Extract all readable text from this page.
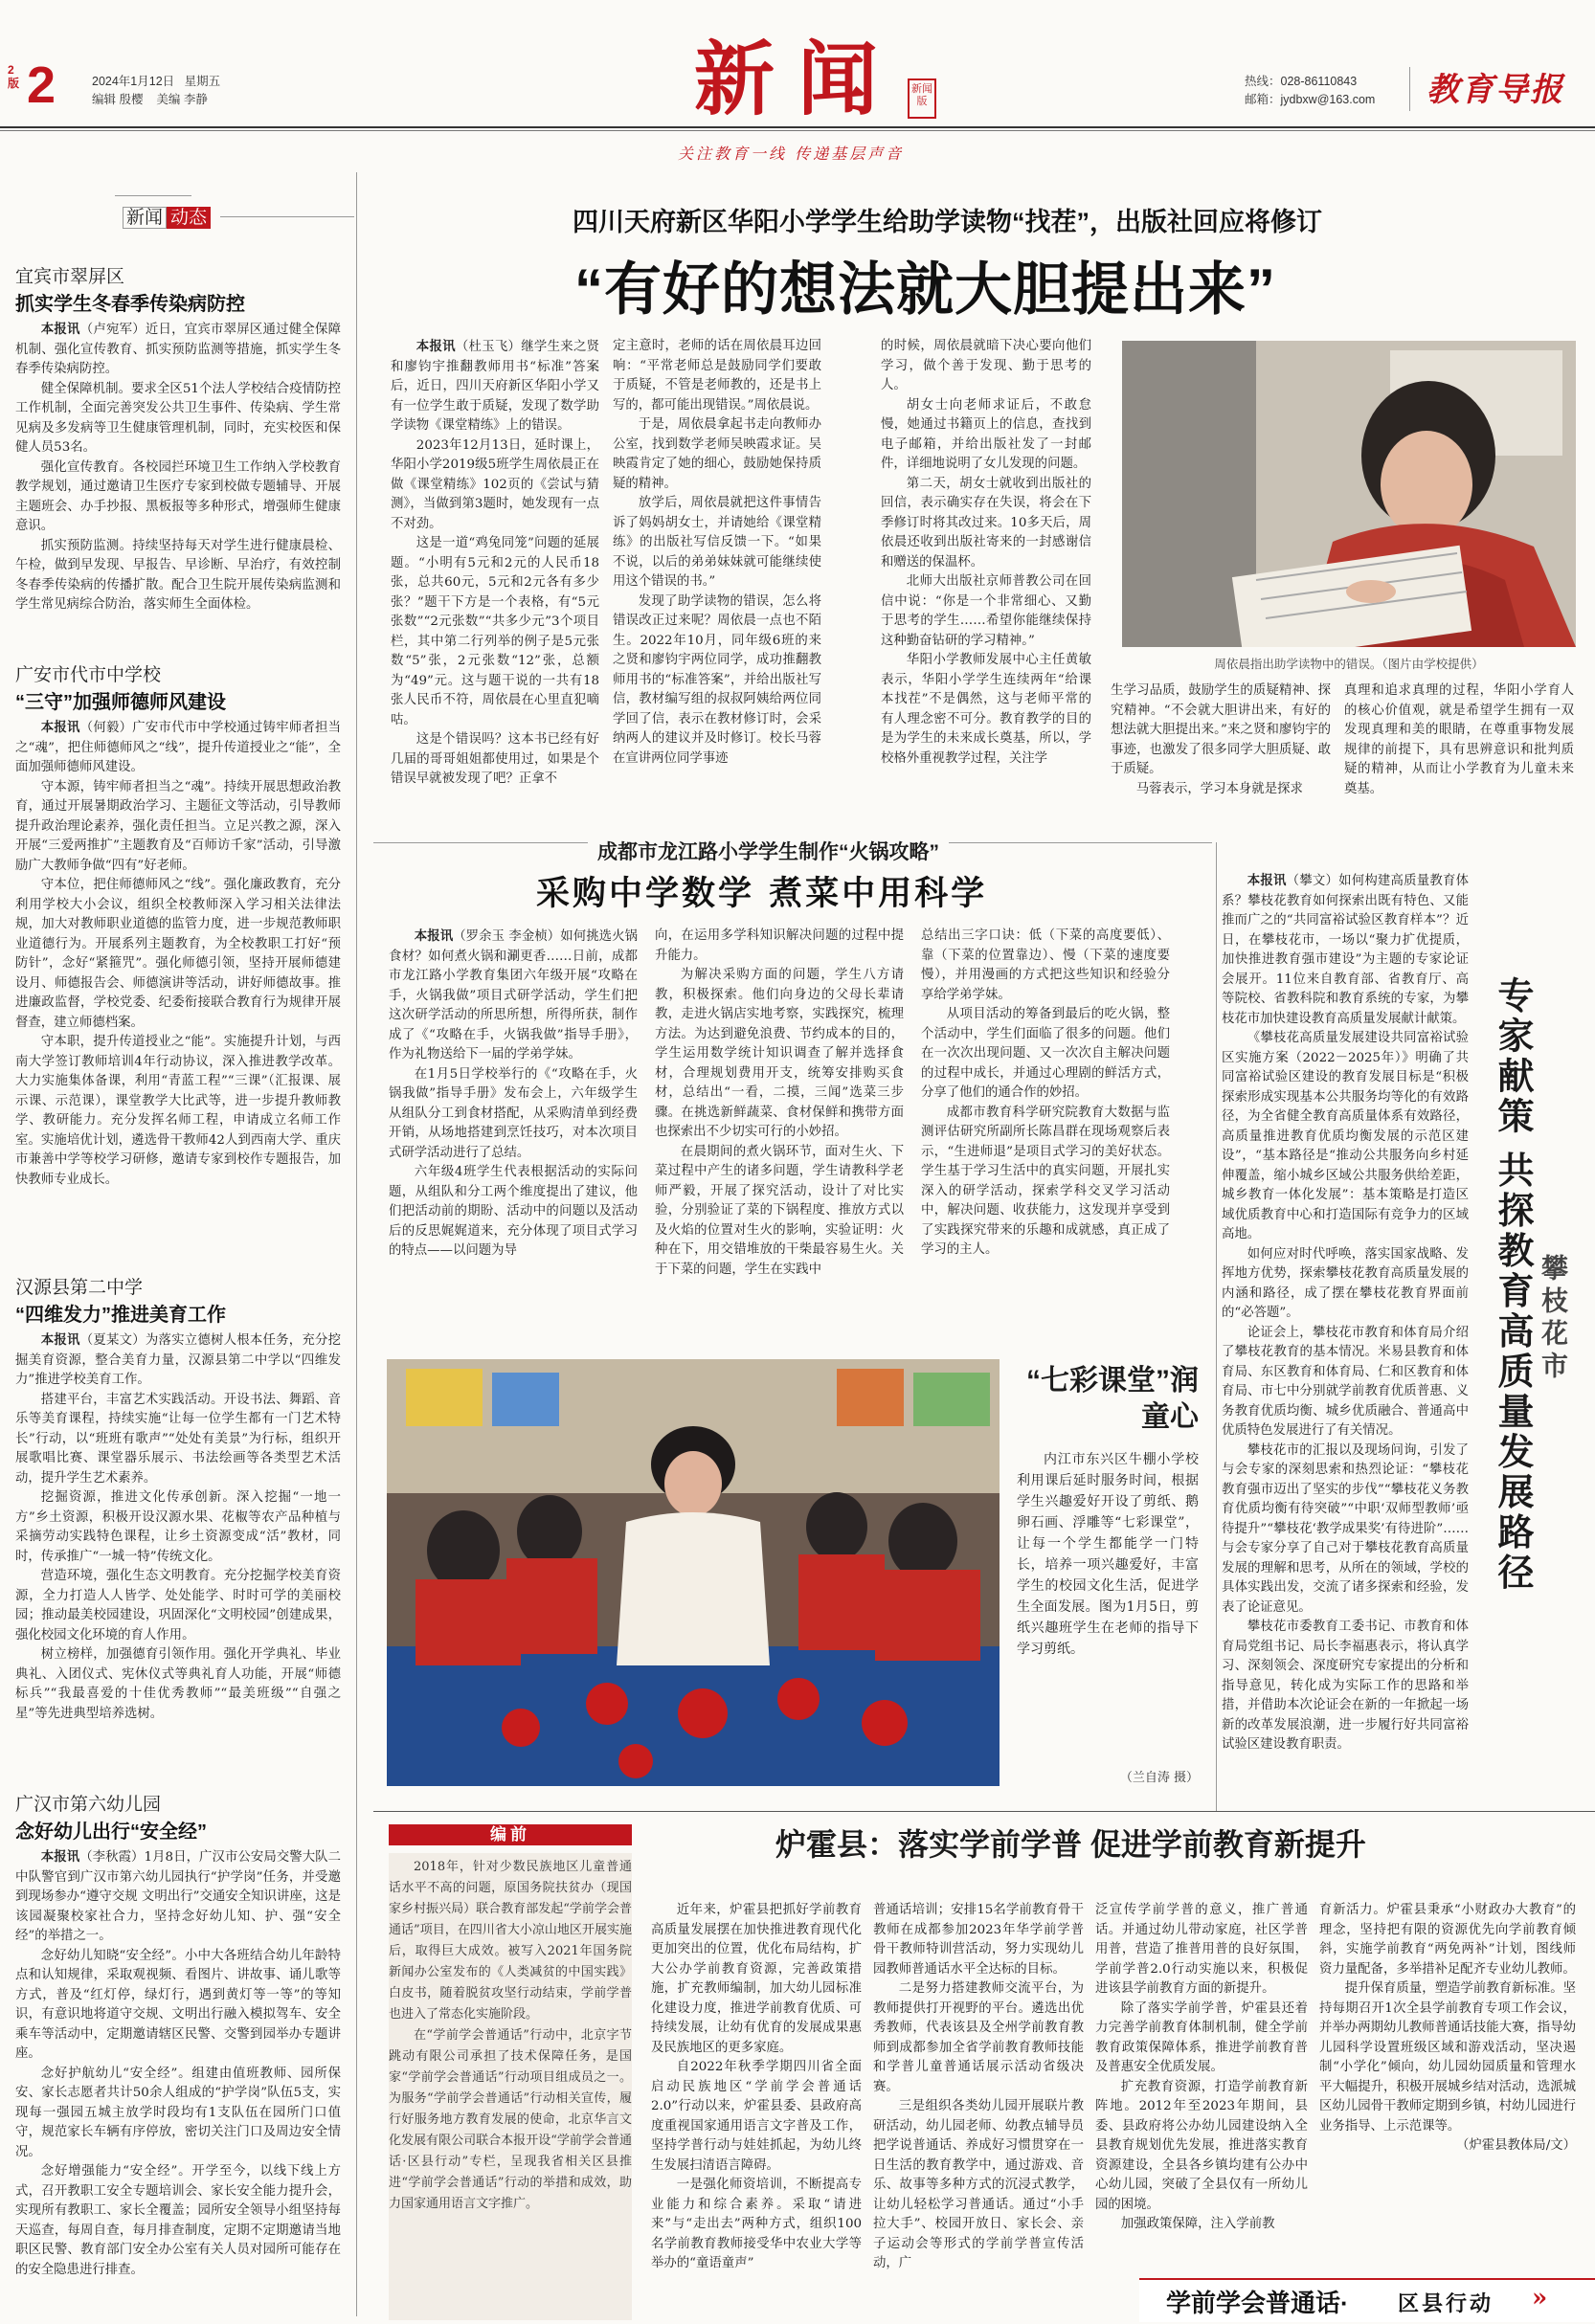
2
2版	2024年1月12日 星期五
编辑 殷樱 美编 李静	新闻 新闻版
关注教育一线 传递基层声音
热线：028-86110843
邮箱：jydbxw@163.com 教育导报
新闻 动态
宜宾市翠屏区
抓实学生冬春季传染病防控

本报讯（卢宛军）近日，宜宾市翠屏区通过健全保障机制、强化宣传教育、抓实预防监测等措施，抓实学生冬春季传染病防控。

健全保障机制。要求全区51个法人学校结合疫情防控工作机制，全面完善突发公共卫生事件、传染病、学生常见病及多发病等卫生健康管理机制，同时，充实校医和保健人员53名。

强化宣传教育。各校园拦环境卫生工作纳入学校教育教学规划，通过邀请卫生医疗专家到校做专题辅导、开展主题班会、办手抄报、黑板报等多种形式，增强师生健康意识。

抓实预防监测。持续坚持每天对学生进行健康晨检、午检，做到早发现、早报告、早诊断、早治疗，有效控制冬春季传染病的传播扩散。配合卫生院开展传染病监测和学生常见病综合防治，落实师生全面体检。

广安市代市中学校
“三守”加强师德师风建设

本报讯（何毅）广安市代市中学校通过铸牢师者担当之“魂”，把住师德师风之“线”，提升传道授业之“能”，全面加强师德师风建设。

守本源，铸牢师者担当之“魂”。持续开展思想政治教育，通过开展暑期政治学习、主题征文等活动，引导教师提升政治理论素养，强化责任担当。立足兴教之源，深入开展“三爱两推扩”主题教育及“百师访千家”活动，引导激励广大教师争做“四有”好老师。

守本位，把住师德师风之“线”。强化廉政教育，充分利用学校大小会议，组织全校教师深入学习相关法律法规，加大对教师职业道德的监管力度，进一步规范教师职业道德行为。开展系列主题教育，为全校教职工打好“预防针”，念好“紧箍咒”。强化师德引领，坚持开展师德建设月、师德报告会、师德演讲等活动，讲好师德故事。推进廉政监督，学校党委、纪委衔接联合教育行为规律开展督查，建立师德档案。

守本职，提升传道授业之“能”。实施提升计划，与西南大学签订教师培训4年行动协议，深入推进教学改革。大力实施集体备课，利用“青蓝工程”“三课”（汇报课、展示课、示范课），课堂教学大比武等，进一步提升教师教学、教研能力。充分发挥名师工程，申请成立名师工作室。实施培优计划，遴选骨干教师42人到西南大学、重庆市兼善中学等校学习研修，邀请专家到校作专题报告，加快教师专业成长。

汉源县第二中学
“四维发力”推进美育工作

本报讯（夏某文）为落实立德树人根本任务，充分挖掘美育资源，整合美育力量，汉源县第二中学以“四维发力”推进学校美育工作。

搭建平台，丰富艺术实践活动。开设书法、舞蹈、音乐等美育课程，持续实施“让每一位学生都有一门艺术特长”行动，以“班班有歌声”“处处有美景”为行标，组织开展歌唱比赛、课堂器乐展示、书法绘画等各类型艺术活动，提升学生艺术素养。

挖掘资源，推进文化传承创新。深入挖掘“一地一方”乡土资源，积极开设汉源水果、花椒等农产品种植与采摘劳动实践特色课程，让乡土资源变成“活”教材，同时，传承推广“一城一特”传统文化。

营造环境，强化生态文明教育。充分挖掘学校美育资源，全力打造人人皆学、处处能学、时时可学的美丽校园；推动最美校园建设，巩固深化“文明校园”创建成果，强化校园文化环境的育人作用。

树立榜样，加强德育引领作用。强化开学典礼、毕业典礼、入团仪式、宪休仪式等典礼育人功能，开展“师德标兵”“我最喜爱的十佳优秀教师”“最美班级”“自强之星”等先进典型培养选树。

广汉市第六幼儿园
念好幼儿出行“安全经”

本报讯（李秋霞）1月8日，广汉市公安局交警大队二中队警官到广汉市第六幼儿园执行“护学岗”任务，并受邀到现场参办“遵守交规 文明出行”交通安全知识讲座，这是该园凝聚校家社合力，坚持念好幼儿知、护、强“安全经”的举措之一。

念好幼儿知晓“安全经”。小中大各班结合幼儿年龄特点和认知规律，采取观视频、看图片、讲故事、诵儿歌等方式，普及“红灯停，绿灯行，遇到黄灯等一等”的等知识，有意识地将道守交规、文明出行融入模拟驾车、安全乘车等活动中，定期邀请辖区民警、交警到园举办专题讲座。

念好护航幼儿“安全经”。组建由值班教师、园所保安、家长志愿者共计50余人组成的“护学岗”队伍5支，实现每一强园五城主放学时段均有1支队伍在园所门口值守，规范家长车辆有序停放，密切关注门口及周边安全情况。

念好增强能力“安全经”。开学至今，以线下线上方式，召开教职工安全专题培训会、家长安全能力提升会，实现所有教职工、家长全覆盖；园所安全领导小组坚持每天巡查，每周自查，每月排查制度，定期不定期邀请当地职区民警、教育部门安全办公室有关人员对园所可能存在的安全隐患进行排查。

四川天府新区华阳小学学生给助学读物“找茬”，出版社回应将修订
“有好的想法就大胆提出来”

本报讯（杜玉飞）继学生来之贤和廖钧宇推翻教师用书“标准”答案后，近日，四川天府新区华阳小学又有一位学生敢于质疑，发现了数学助学读物《课堂精练》上的错误。

2023年12月13日，延时课上，华阳小学2019级5班学生周依晨正在做《课堂精练》102页的《尝试与猜测》，当做到第3题时，她发现有一点不对劲。

这是一道“鸡兔同笼”问题的延展题。“小明有5元和2元的人民币18张，总共60元，5元和2元各有多少张？”题干下方是一个表格，有“5元张数”“2元张数”“共多少元”3个项目栏，其中第二行列举的例子是5元张数“5”张，2元张数“12”张，总额为“49”元。这与题干说的一共有18张人民币不符，周依晨在心里直犯嘀咕。

这是个错误吗？这本书已经有好几届的哥哥姐姐都使用过，如果是个错误早就被发现了吧？正拿不

定主意时，老师的话在周依晨耳边回响：“平常老师总是鼓励同学们要敢于质疑，不管是老师教的，还是书上写的，都可能出现错误。”周依晨说。

于是，周依晨拿起书走向教师办公室，找到数学老师吴映霞求证。吴映霞肯定了她的细心，鼓励她保持质疑的精神。

放学后，周依晨就把这件事情告诉了妈妈胡女士，并请她给《课堂精练》的出版社写信反馈一下。“如果不说，以后的弟弟妹妹就可能继续使用这个错误的书。”

发现了助学读物的错误，怎么将错误改正过来呢？周依晨一点也不陌生。2022年10月，同年级6班的来之贤和廖钧宇两位同学，成功推翻教师用书的“标准答案”，并给出版社写信，教材编写组的叔叔阿姨给两位同学回了信，表示在教材修订时，会采纳两人的建议并及时修订。校长马蓉在宣讲两位同学事迹

的时候，周依晨就暗下决心要向他们学习，做个善于发现、勤于思考的人。

胡女士向老师求证后，不敢怠慢，她通过书籍页上的信息，查找到电子邮箱，并给出版社发了一封邮件，详细地说明了女儿发现的问题。

第二天，胡女士就收到出版社的回信，表示确实存在失误，将会在下季修订时将其改过来。10多天后，周依晨还收到出版社寄来的一封感谢信和赠送的保温杯。

北师大出版社京师普教公司在回信中说：“你是一个非常细心、又勤于思考的学生……希望你能继续保持这种勤奋钻研的学习精神。”

华阳小学教师发展中心主任黄敏表示，华阳小学学生连续两年“给课本找茬”不是偶然，这与老师平常的有人理念密不可分。教育教学的目的是为学生的未来成长奠基，所以，学校格外重视教学过程，关注学

生学习品质，鼓励学生的质疑精神、探究精神。“不会就大胆讲出来，有好的想法就大胆提出来。”来之贤和廖钧宇的事迹，也激发了很多同学大胆质疑、敢于质疑。

马蓉表示，学习本身就是探求

真理和追求真理的过程，华阳小学育人的核心价值观，就是希望学生拥有一双发现真理和美的眼睛，在尊重事物发展规律的前提下，具有思辨意识和批判质疑的精神，从而让小学教育为儿童未来奠基。

周依晨指出助学读物中的错误。（图片由学校提供）
成都市龙江路小学学生制作“火锅攻略”
采购中学数学 煮菜中用科学

本报讯（罗余玉 李金桢）如何挑选火锅食材？如何煮火锅和涮更香……日前，成都市龙江路小学教育集团六年级开展“攻略在手，火锅我做”项目式研学活动，学生们把这次研学活动的所思所想，所得所获，制作成了《“攻略在手，火锅我做”指导手册》，作为礼物送给下一届的学弟学妹。

在1月5日学校举行的《“攻略在手，火锅我做”指导手册》发布会上，六年级学生从组队分工到食材搭配，从采购清单到经费开销，从场地搭建到烹饪技巧，对本次项目式研学活动进行了总结。

六年级4班学生代表根据活动的实际问题，从组队和分工两个维度提出了建议，他们把活动前的期盼、活动中的问题以及活动后的反思娓娓道来，充分体现了项目式学习的特点——以问题为导

向，在运用多学科知识解决问题的过程中提升能力。

为解决采购方面的问题，学生八方请教，积极探索。他们向身边的父母长辈请教，走进火锅店实地考察，实践探究，梳理方法。为达到避免浪费、节约成本的目的，学生运用数学统计知识调查了解并选择食材，合理规划费用开支，统筹安排购买食材，总结出“一看，二摸，三闻”选菜三步骤。在挑选新鲜蔬菜、食材保鲜和携带方面也探索出不少切实可行的小妙招。

在晨期间的煮火锅环节，面对生火、下菜过程中产生的诸多问题，学生请教科学老师严毅，开展了探究活动，设计了对比实验，分别验证了菜的下锅程度、推放方式以及火焰的位置对生火的影响，实验证明：火种在下，用交错堆放的干柴最容易生火。关于下菜的问题，学生在实践中

总结出三字口诀：低（下菜的高度要低）、靠（下菜的位置靠边）、慢（下菜的速度要慢），并用漫画的方式把这些知识和经验分享给学弟学妹。

从项目活动的筹备到最后的吃火锅，整个活动中，学生们面临了很多的问题。他们在一次次出现问题、又一次次自主解决问题的过程中成长，并通过心理剧的鲜活方式，分享了他们的通合作的妙招。

成都市教育科学研究院教育大数据与监测评估研究所副所长陈昌群在现场观察后表示，“生进师退”是项目式学习的美好状态。学生基于学习生活中的真实问题，开展扎实深入的研学活动，探索学科交叉学习活动中，解决问题、收获能力，这发现并享受到了实践探究带来的乐趣和成就感，真正成了学习的主人。

“七彩课堂”润童心
内江市东兴区牛棚小学校利用课后延时服务时间，根据学生兴趣爱好开设了剪纸、鹅卵石画、浮雕等“七彩课堂”，让每一个学生都能学一门特长，培养一项兴趣爱好，丰富学生的校园文化生活，促进学生全面发展。图为1月5日，剪纸兴趣班学生在老师的指导下学习剪纸。
（兰自涛 摄）

本报讯（攀文）如何构建高质量教育体系？攀枝花教育如何探索出既有特色、又能推而广之的“共同富裕试验区教育样本”？近日，在攀枝花市，一场以“聚力扩优提质，加快推进教育强市建设”为主题的专家论证会展开。11位来自教育部、省教育厅、高等院校、省教科院和教育系统的专家，为攀枝花市加快建设教育高质量发展献计献策。

《攀枝花高质量发展建设共同富裕试验区实施方案（2022－2025年）》明确了共同富裕试验区建设的教育发展目标是“积极探索形成实现基本公共服务均等化的有效路径，为全省健全教育高质量体系有效路径，高质量推进教育优质均衡发展的示范区建设”，“基本路径是“推动公共服务向乡村延伸覆盖，缩小城乡区域公共服务供给差距，城乡教育一体化发展”：基本策略是打造区域优质教育中心和打造国际有竞争力的区域高地。

如何应对时代呼唤，落实国家战略、发挥地方优势，探索攀枝花教育高质量发展的内涵和路径，成了摆在攀枝花教育界面前的“必答题”。

论证会上，攀枝花市教育和体育局介绍了攀枝花教育的基本情况。米易县教育和体育局、东区教育和体育局、仁和区教育和体育局、市七中分别就学前教育优质普惠、义务教育优质均衡、城乡优质融合、普通高中优质特色发展进行了有关情况。

攀枝花市的汇报以及现场问询，引发了与会专家的深刻思索和热烈论证：“攀枝花教育强市迈出了坚实的步伐”“攀枝花义务教育优质均衡有待突破”“中职‘双师型教师’亟待提升”“攀枝花‘教学成果奖’有待进阶”……与会专家分享了自己对于攀枝花教育高质量发展的理解和思考，从所在的领域，学校的具体实践出发，交流了诸多探索和经验，发表了论证意见。

攀枝花市委教育工委书记、市教育和体育局党组书记、局长李福惠表示，将认真学习、深刻领会、深度研究专家提出的分析和指导意见，转化成为实际工作的思路和举措，并借助本次论证会在新的一年掀起一场新的改革发展浪潮，进一步履行好共同富裕试验区建设教育职责。

专家献策 共探教育高质量发展路径 攀枝花市
编前

2018年，针对少数民族地区儿童普通话水平不高的问题，原国务院扶贫办（现国家乡村振兴局）联合教育部发起“学前学会普通话”项目，在四川省大小凉山地区开展实施后，取得巨大成效。被写入2021年国务院新闻办公室发布的《人类减贫的中国实践》白皮书，随着脱贫攻坚行动结束，学前学普也进入了常态化实施阶段。

在“学前学会普通话”行动中，北京字节跳动有限公司承担了技术保障任务，是国家“学前学会普通话”行动项目组成员之一。为服务“学前学会普通话”行动相关宣传，履行好服务地方教育发展的使命，北京华言文化发展有限公司联合本报开设“学前学会普通话·区县行动”专栏，呈现我省相关区县推进“学前学会普通话”行动的举措和成效，助力国家通用语言文字推广。

炉霍县：落实学前学普 促进学前教育新提升

近年来，炉霍县把抓好学前教育高质量发展摆在加快推进教育现代化更加突出的位置，优化布局结构，扩大公办学前教育资源，完善政策措施，扩充教师编制，加大幼儿园标准化建设力度，推进学前教育优质、可持续发展，让幼有优育的发展成果惠及民族地区的更多家庭。

自2022年秋季学期四川省全面启动民族地区“学前学会普通话2.0”行动以来，炉霍县委、县政府高度重视国家通用语言文字普及工作，坚持学普行动与娃娃抓起，为幼儿终生发展扫清语言障碍。

一是强化师资培训，不断提高专业能力和综合素养。采取“请进来”与“走出去”两种方式，组织100名学前教育教师接受华中农业大学等举办的“童语童声”

普通话培训；安排15名学前教育骨干教师在成都参加2023年华学前学普骨干教师特训营活动，努力实现幼儿园教师普通话水平全达标的目标。

二是努力搭建教师交流平台，为教师提供打开视野的平台。遴选出优秀教师，代表该县及全州学前教育教师到成都参加全省学前教育教师技能和学普儿童普通话展示活动省级决赛。

三是组织各类幼儿园开展联片教研活动，幼儿园老师、幼教点辅导员把学说普通话、养成好习惯贯穿在一日生活的教育教学中，通过游戏、音乐、故事等多种方式的沉浸式教学，让幼儿轻松学习普通话。通过“小手拉大手”、校园开放日、家长会、亲子运动会等形式的学前学普宣传活动，广

泛宣传学前学普的意义，推广普通话。并通过幼儿带动家庭，社区学普用普，营造了推普用普的良好氛围，学前学普2.0行动实施以来，积极促进该县学前教育方面的新提升。

除了落实学前学普，炉霍县还着力完善学前教育体制机制，健全学前教育政策保障体系，推进学前教育普及普惠安全优质发展。

扩充教育资源，打造学前教育新阵地。2012年至2023年期间，县委、县政府将公办幼儿园建设纳入全县教育规划优先发展，推进落实教育资源建设，全县各乡镇均建有公办中心幼儿园，突破了全县仅有一所幼儿园的困境。

加强政策保障，注入学前教

育新活力。炉霍县秉承“小财政办大教育”的理念，坚持把有限的资源优先向学前教育倾斜，实施学前教育“两免两补”计划，图线师资力量配备，多举措补足配齐专业幼儿教师。

提升保育质量，塑造学前教育新标准。坚持每期召开1次全县学前教育专项工作会议，并举办两期幼儿教师普通话技能大赛，指导幼儿园科学设置班级区域和游戏活动，坚决遏制“小学化”倾向，幼儿园幼园质量和管理水平大幅提升，积极开展城乡结对活动，选派城区幼儿园骨干教师定期到乡镇，村幼儿园进行业务指导、上示范课等。

（炉霍县教体局/文）

学前学会普通话· 区县行动 »
